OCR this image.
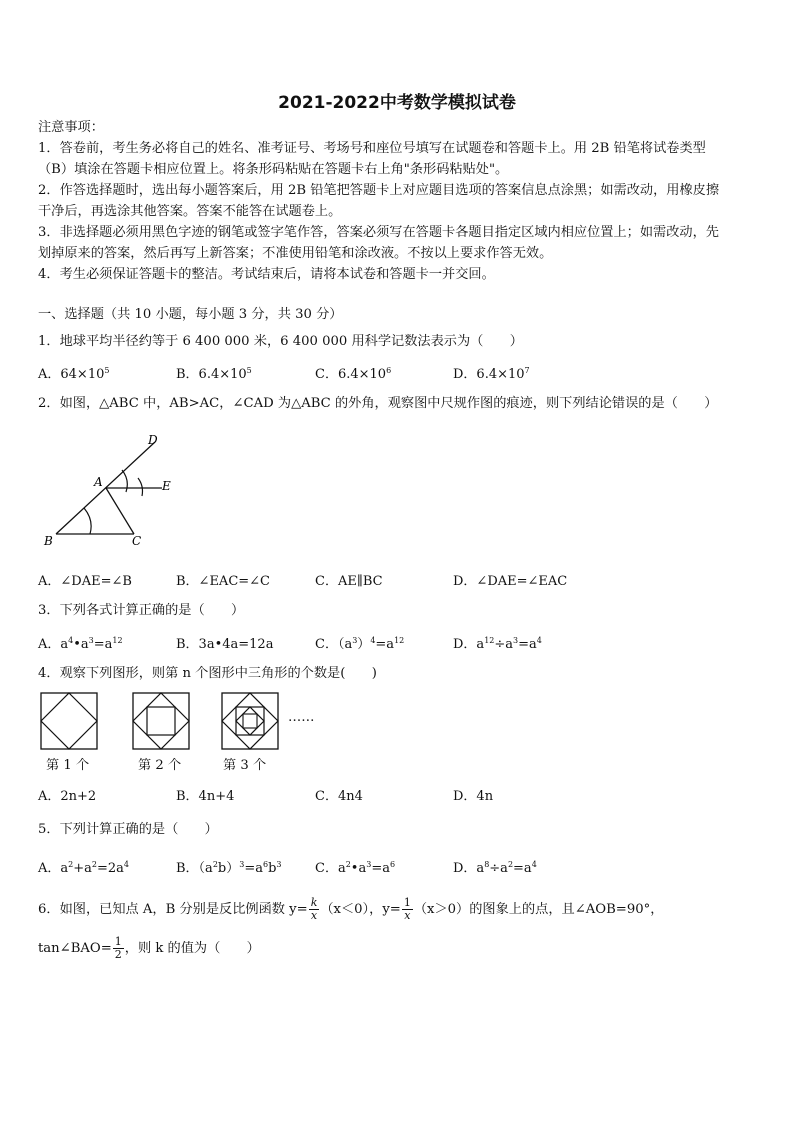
2021-2022中考数学模拟试卷
注意事项：
1．答卷前，考生务必将自己的姓名、准考证号、考场号和座位号填写在试题卷和答题卡上。用 2B 铅笔将试卷类型
（B）填涂在答题卡相应位置上。将条形码粘贴在答题卡右上角"条形码粘贴处"。
2．作答选择题时，选出每小题答案后，用 2B 铅笔把答题卡上对应题目选项的答案信息点涂黑；如需改动，用橡皮擦
干净后，再选涂其他答案。答案不能答在试题卷上。
3．非选择题必须用黑色字迹的钢笔或签字笔作答，答案必须写在答题卡各题目指定区域内相应位置上；如需改动，先
划掉原来的答案，然后再写上新答案；不准使用铅笔和涂改液。不按以上要求作答无效。
4．考生必须保证答题卡的整洁。考试结束后，请将本试卷和答题卡一并交回。
一、选择题（共 10 小题，每小题 3 分，共 30 分）
1．地球平均半径约等于 6 400 000 米，6 400 000 用科学记数法表示为（　　）
A．$64\times 10^5$	B．$6.4\times 10^5$	C．$6.4\times 10^6$	D．$6.4\times 10^7$
2．如图，△ABC 中，AB>AC，∠CAD 为△ABC 的外角，观察图中尺规作图的痕迹，则下列结论错误的是（　　）
D
A	E
B	C
A．∠DAE=∠B	B．∠EAC=∠C	C．AE∥BC	D．∠DAE=∠EAC
3．下列各式计算正确的是（　　）
A．$a^4•a^3=a^{12}$	B．3a•4a=12a	C．$(a^3)^4=a^{12}$	D．$a^{12}\div a^3=a^4$
4．观察下列图形，则第 n 个图形中三角形的个数是(　　)
……
第 1 个	第 2 个	第 3 个
A．2n+2	B．4n+4	C．4n4	D．4n
5．下列计算正确的是（　　）
A．$a^2+a^2=2a^4$	B．$(a^2b)^3=a^6b^3$	C．$a^2•a^3=a^6$	D．$a^8\div a^2=a^4$
6．如图，已知点 A，B 分别是反比例函数 $y= \frac{k}{x} (x<0)$，$y= \frac{1}{x} (x>0)$的图象上的点，且∠AOB=90°，
tan∠BAO= $\frac{1}{2}$ ，则 k 的值为（　　）
